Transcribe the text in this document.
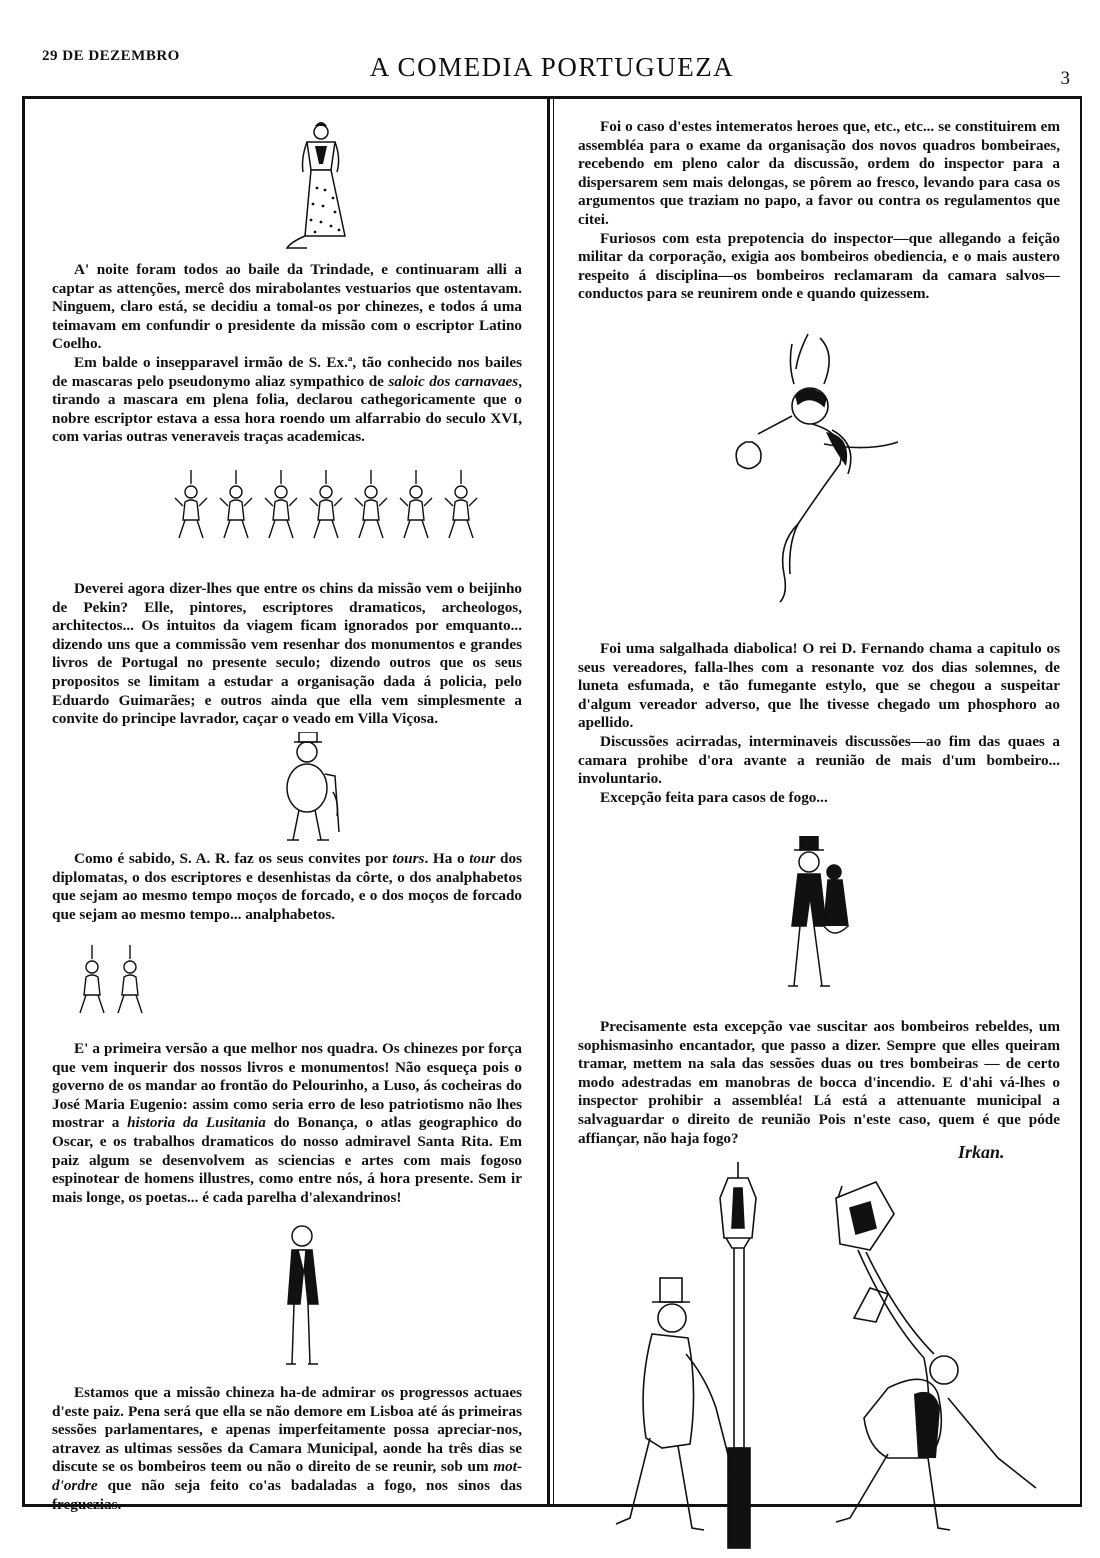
29 DE DEZEMBRO	A COMEDIA PORTUGUEZA	3

A' noite foram todos ao baile da Trindade, e continuaram alli a captar as attenções, mercê dos mirabolantes vestuarios que ostentavam. Ninguem, claro está, se decidiu a tomal-os por chinezes, e todos á uma teimavam em confundir o presidente da missão com o escriptor Latino Coelho.

Em balde o insepparavel irmão de S. Ex.ª, tão conhecido nos bailes de mascaras pelo pseudonymo aliaz sympathico de saloic dos carnavaes, tirando a mascara em plena folia, declarou cathegoricamente que o nobre escriptor estava a essa hora roendo um alfarrabio do seculo XVI, com varias outras veneraveis traças academicas.

Deverei agora dizer-lhes que entre os chins da missão vem o beijinho de Pekin? Elle, pintores, escriptores dramaticos, archeologos, architectos... Os intuitos da viagem ficam ignorados por emquanto... dizendo uns que a commissão vem resenhar dos monumentos e grandes livros de Portugal no presente seculo; dizendo outros que os seus propositos se limitam a estudar a organisação dada á policia, pelo Eduardo Guimarães; e outros ainda que ella vem simplesmente a convite do principe lavrador, caçar o veado em Villa Viçosa.

Como é sabido, S. A. R. faz os seus convites por tours. Ha o tour dos diplomatas, o dos escriptores e desenhistas da côrte, o dos analphabetos que sejam ao mesmo tempo moços de forcado, e o dos moços de forcado que sejam ao mesmo tempo... analphabetos.

E' a primeira versão a que melhor nos quadra. Os chinezes por força que vem inquerir dos nossos livros e monumentos! Não esqueça pois o governo de os mandar ao frontão do Pelourinho, a Luso, ás cocheiras do José Maria Eugenio: assim como seria erro de leso patriotismo não lhes mostrar a historia da Lusitania do Bonança, o atlas geographico do Oscar, e os trabalhos dramaticos do nosso admiravel Santa Rita. Em paiz algum se desenvolvem as sciencias e artes com mais fogoso espinotear de homens illustres, como entre nós, á hora presente. Sem ir mais longe, os poetas... é cada parelha d'alexandrinos!

Estamos que a missão chineza ha-de admirar os progressos actuaes d'este paiz. Pena será que ella se não demore em Lisboa até ás primeiras sessões parlamentares, e apenas imperfeitamente possa apreciar-nos, atravez as ultimas sessões da Camara Municipal, aonde ha três dias se discute se os bombeiros teem ou não o direito de se reunir, sob um mot-d'ordre que não seja feito co'as badaladas a fogo, nos sinos das freguezias.

Foi o caso d'estes intemeratos heroes que, etc., etc... se constituirem em assembléa para o exame da organisação dos novos quadros bombeiraes, recebendo em pleno calor da discussão, ordem do inspector para a dispersarem sem mais delongas, se pôrem ao fresco, levando para casa os argumentos que traziam no papo, a favor ou contra os regulamentos que citei.

Furiosos com esta prepotencia do inspector—que allegando a feição militar da corporação, exigia aos bombeiros obediencia, e o mais austero respeito á disciplina—os bombeiros reclamaram da camara salvos—conductos para se reunirem onde e quando quizessem.

Foi uma salgalhada diabolica! O rei D. Fernando chama a capitulo os seus vereadores, falla-lhes com a resonante voz dos dias solemnes, de luneta esfumada, e tão fumegante estylo, que se chegou a suspeitar d'algum vereador adverso, que lhe tivesse chegado um phosphoro ao apellido.

Discussões acirradas, interminaveis discussões—ao fim das quaes a camara prohibe d'ora avante a reunião de mais d'um bombeiro... involuntario.

Excepção feita para casos de fogo...

Precisamente esta excepção vae suscitar aos bombeiros rebeldes, um sophismasinho encantador, que passo a dizer. Sempre que elles queiram tramar, mettem na sala das sessões duas ou tres bombeiras — de certo modo adestradas em manobras de bocca d'incendio. E d'ahi vá-lhes o inspector prohibir a assembléa! Lá está a attenuante municipal a salvaguardar o direito de reunião Pois n'este caso, quem é que póde affiançar, não haja fogo?

Irkan.
